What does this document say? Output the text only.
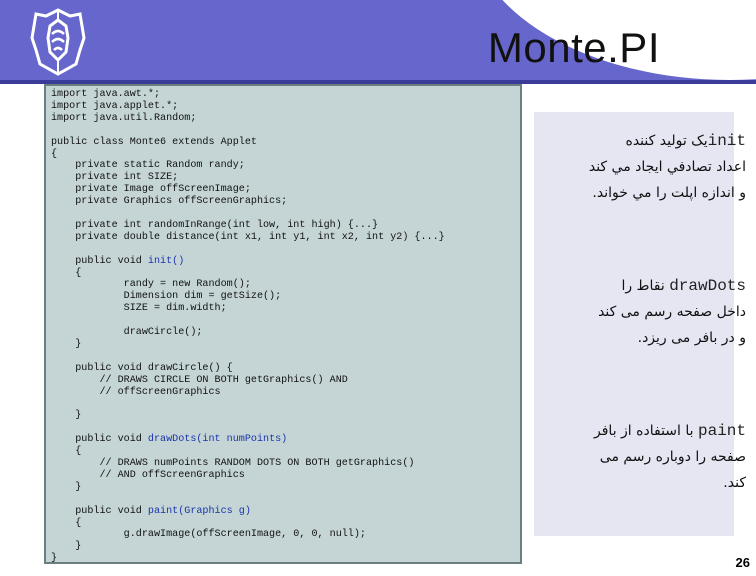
Monte.PI
import java.awt.*;
import java.applet.*;
import java.util.Random;

public class Monte6 extends Applet
{
private static Random randy;
private int SIZE;
private Image offScreenImage;
private Graphics offScreenGraphics;

private int randomInRange(int low, int high) {...}
private double distance(int x1, int y1, int x2, int y2) {...}

public void init()
{
randy = new Random();
Dimension dim = getSize();
SIZE = dim.width;

drawCircle();
}

public void drawCircle() {
// DRAWS CIRCLE ON BOTH getGraphics() AND
// offScreenGraphics

}

public void drawDots(int numPoints)
{
// DRAWS numPoints RANDOM DOTS ON BOTH getGraphics()
// AND offScreenGraphics
}

public void paint(Graphics g)
{
g.drawImage(offScreenImage, 0, 0, null);
}
}

initیک تولید کننده
اعداد تصادفي ايجاد مي کند
و اندازه اپلت را مي خواند.
drawDots نقاط را
داخل صفحه رسم می کند
و در بافر می ریزد.
paint با استفاده از بافر
صفحه را دوباره رسم می
کند.
26
